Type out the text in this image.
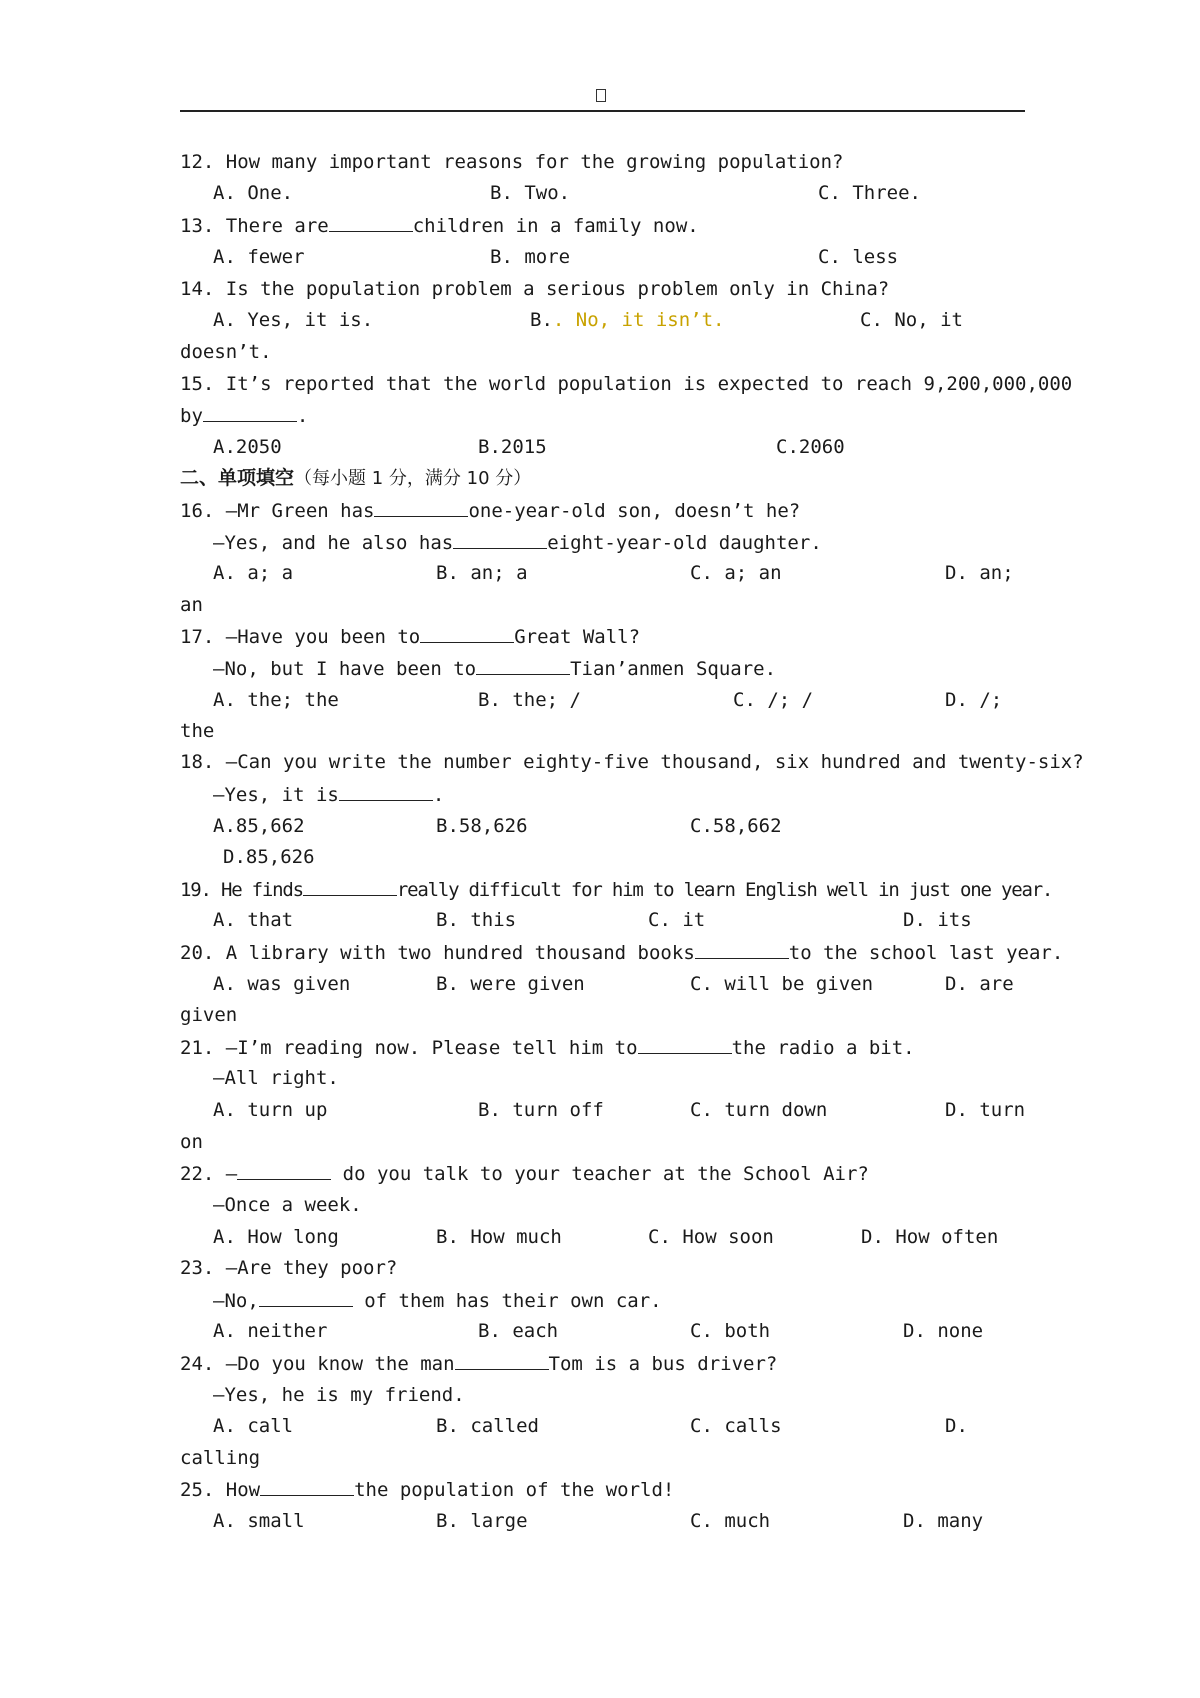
12. How many important reasons for the growing population?
A. One.	B. Two.	C. Three.
13. There are	children in a family now.
A. fewer	B. more	C. less
14. Is the population problem a serious problem only in China?
A. Yes, it is.	B.. No, it isn’t.	C. No, it
doesn’t.
15. It’s reported that the world population is expected to reach 9,200,000,000
by	.
A.2050	B.2015	C.2060
二、单项填空（每小题 1 分，满分 10 分）
16. —Mr Green has	one-year-old son, doesn’t he?
—Yes, and he also has	eight-year-old daughter.
A. a; a	B. an; a	C. a; an	D. an;
an
17. —Have you been to	Great Wall?
—No, but I have been to	Tian’anmen Square.
A. the; the	B. the; /	C. /; /	D. /;
the
18. —Can you write the number eighty-five thousand, six hundred and twenty-six?
—Yes, it is	.
A.85,662	B.58,626	C.58,662
D.85,626
19. He finds	really difficult for him to learn English well in just one year.
A. that	B. this	C. it	D. its
20. A library with two hundred thousand books	to the school last year.
A. was given	B. were given	C. will be given	D. are
given
21. —I’m reading now. Please tell him to	the radio a bit.
—All right.
A. turn up	B. turn off	C. turn down	D. turn
on
22. —	do you talk to your teacher at the School Air?
—Once a week.
A. How long	B. How much	C. How soon	D. How often
23. —Are they poor?
—No,	of them has their own car.
A. neither	B. each	C. both	D. none
24. —Do you know the man	Tom is a bus driver?
—Yes, he is my friend.
A. call	B. called	C. calls	D.
calling
25. How	the population of the world!
A. small	B. large	C. much	D. many
